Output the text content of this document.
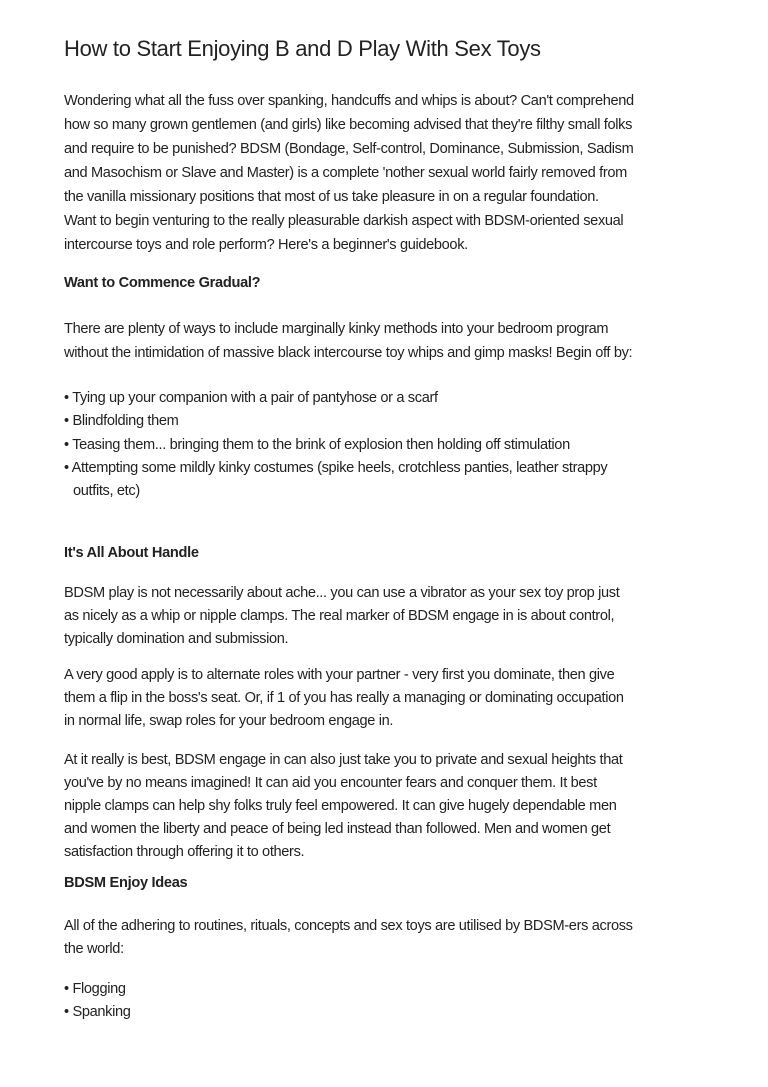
How to Start Enjoying B and D Play With Sex Toys
Wondering what all the fuss over spanking, handcuffs and whips is about? Can't comprehend
how so many grown gentlemen (and girls) like becoming advised that they're filthy small folks
and require to be punished? BDSM (Bondage, Self-control, Dominance, Submission, Sadism
and Masochism or Slave and Master) is a complete 'nother sexual world fairly removed from
the vanilla missionary positions that most of us take pleasure in on a regular foundation.
Want to begin venturing to the really pleasurable darkish aspect with BDSM-oriented sexual
intercourse toys and role perform? Here's a beginner's guidebook.
Want to Commence Gradual?
There are plenty of ways to include marginally kinky methods into your bedroom program
without the intimidation of massive black intercourse toy whips and gimp masks! Begin off by:
• Tying up your companion with a pair of pantyhose or a scarf
• Blindfolding them
• Teasing them... bringing them to the brink of explosion then holding off stimulation
• Attempting some mildly kinky costumes (spike heels, crotchless panties, leather strappy
outfits, etc)
It's All About Handle
BDSM play is not necessarily about ache... you can use a vibrator as your sex toy prop just
as nicely as a whip or nipple clamps. The real marker of BDSM engage in is about control,
typically domination and submission.
A very good apply is to alternate roles with your partner - very first you dominate, then give
them a flip in the boss's seat. Or, if 1 of you has really a managing or dominating occupation
in normal life, swap roles for your bedroom engage in.
At it really is best, BDSM engage in can also just take you to private and sexual heights that
you've by no means imagined! It can aid you encounter fears and conquer them. It best
nipple clamps can help shy folks truly feel empowered. It can give hugely dependable men
and women the liberty and peace of being led instead than followed. Men and women get
satisfaction through offering it to others.
BDSM Enjoy Ideas
All of the adhering to routines, rituals, concepts and sex toys are utilised by BDSM-ers across
the world:
• Flogging
• Spanking
